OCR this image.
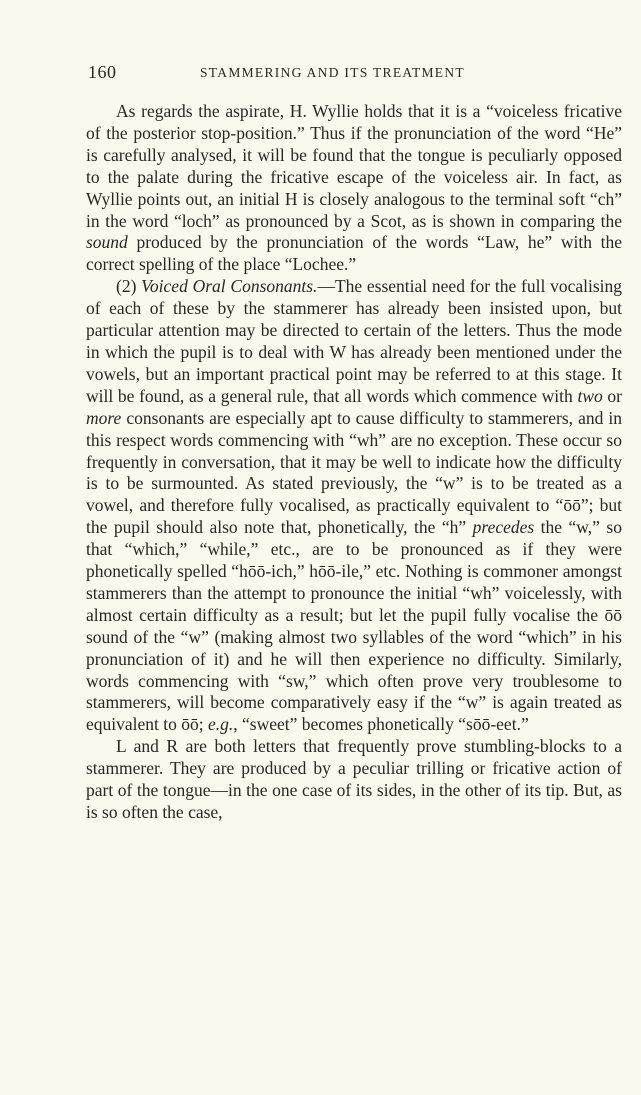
160	STAMMERING AND ITS TREATMENT

As regards the aspirate, H. Wyllie holds that it is a “voiceless fricative of the posterior stop-position.” Thus if the pronunciation of the word “He” is carefully analysed, it will be found that the tongue is peculiarly opposed to the palate during the fricative escape of the voiceless air. In fact, as Wyllie points out, an initial H is closely analogous to the terminal soft “ch” in the word “loch” as pronounced by a Scot, as is shown in comparing the sound produced by the pronunciation of the words “Law, he” with the correct spelling of the place “Lochee.”

(2) Voiced Oral Consonants.—The essential need for the full vocalising of each of these by the stammerer has already been insisted upon, but particular attention may be directed to certain of the letters. Thus the mode in which the pupil is to deal with W has already been mentioned under the vowels, but an important practical point may be referred to at this stage. It will be found, as a general rule, that all words which commence with two or more consonants are especially apt to cause difficulty to stammerers, and in this respect words commencing with “wh” are no exception. These occur so frequently in conversation, that it may be well to indicate how the difficulty is to be surmounted. As stated previously, the “w” is to be treated as a vowel, and therefore fully vocalised, as practically equivalent to “ōō”; but the pupil should also note that, phonetically, the “h” precedes the “w,” so that “which,” “while,” etc., are to be pronounced as if they were phonetically spelled “hōō-ich,” hōō-ile,” etc. Nothing is commoner amongst stammerers than the attempt to pronounce the initial “wh” voicelessly, with almost certain difficulty as a result; but let the pupil fully vocalise the ōō sound of the “w” (making almost two syllables of the word “which” in his pronunciation of it) and he will then experience no difficulty. Similarly, words commencing with “sw,” which often prove very troublesome to stammerers, will become comparatively easy if the “w” is again treated as equivalent to ōō; e.g., “sweet” becomes phonetically “sōō-eet.”

L and R are both letters that frequently prove stumbling-blocks to a stammerer. They are produced by a peculiar trilling or fricative action of part of the tongue—in the one case of its sides, in the other of its tip. But, as is so often the case,
